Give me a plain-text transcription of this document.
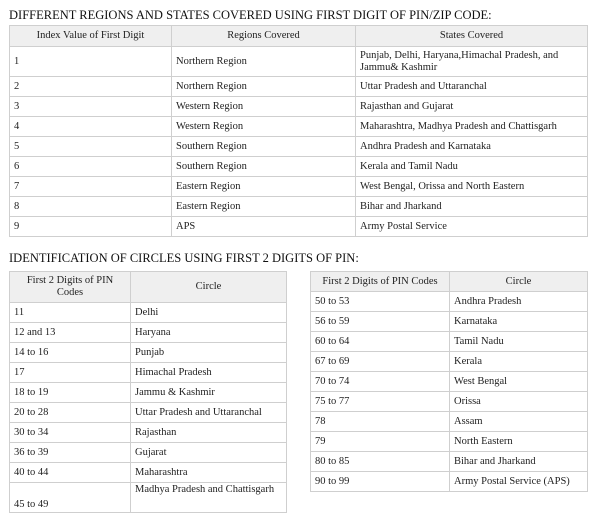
DIFFERENT REGIONS AND STATES COVERED USING FIRST DIGIT OF PIN/ZIP CODE:
Index Value of First Digit	Regions Covered	States Covered
1	Northern Region	Punjab, Delhi, Haryana,Himachal Pradesh, and Jammu& Kashmir
2	Northern Region	Uttar Pradesh and Uttaranchal
3	Western Region	Rajasthan and Gujarat
4	Western Region	Maharashtra, Madhya Pradesh and Chattisgarh
5	Southern Region	Andhra Pradesh and Karnataka
6	Southern Region	Kerala and Tamil Nadu
7	Eastern Region	West Bengal, Orissa and North Eastern
8	Eastern Region	Bihar and Jharkand
9	APS	Army Postal Service
IDENTIFICATION OF CIRCLES USING FIRST 2 DIGITS OF PIN:
First 2 Digits of PIN Codes	Circle
11	Delhi
12 and 13	Haryana
14 to 16	Punjab
17	Himachal Pradesh
18 to 19	Jammu & Kashmir
20 to 28	Uttar Pradesh and Uttaranchal
30 to 34	Rajasthan
36 to 39	Gujarat
40 to 44	Maharashtra
45 to 49	Madhya Pradesh and Chattisgarh
First 2 Digits of PIN Codes	Circle
50 to 53	Andhra Pradesh
56 to 59	Karnataka
60 to 64	Tamil Nadu
67 to 69	Kerala
70 to 74	West Bengal
75 to 77	Orissa
78	Assam
79	North Eastern
80 to 85	Bihar and Jharkand
90 to 99	Army Postal Service (APS)
